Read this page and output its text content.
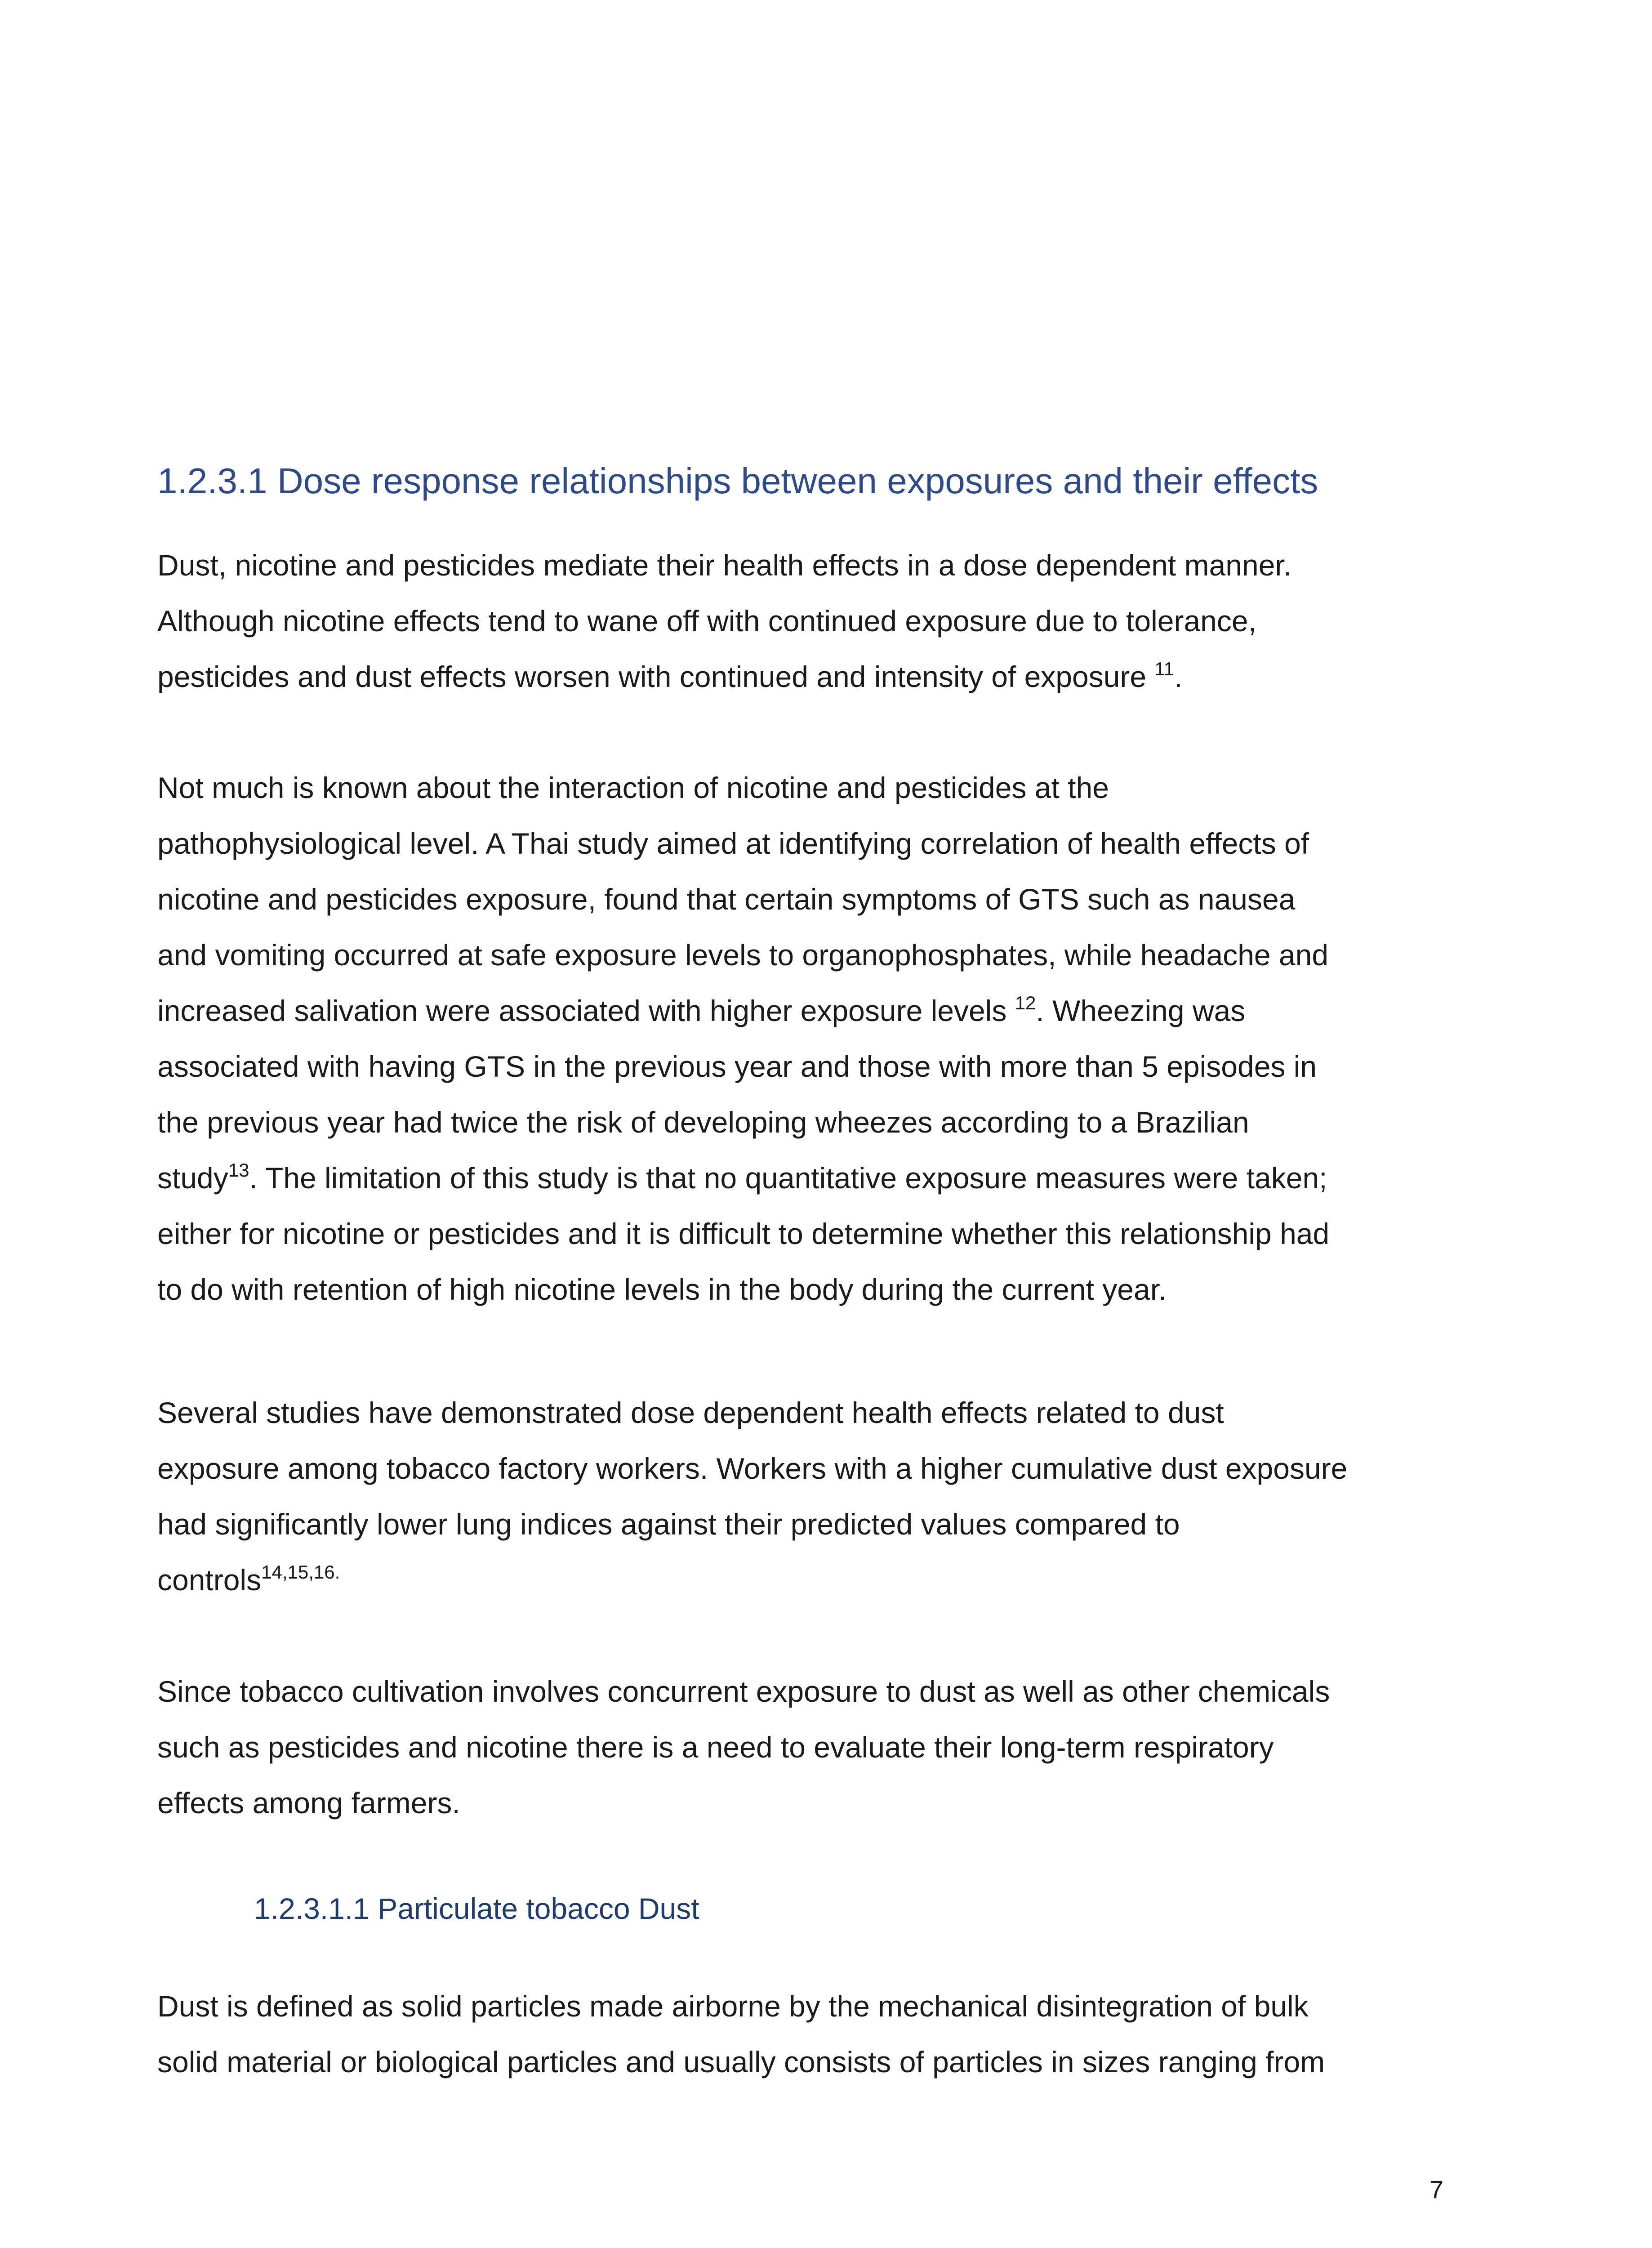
1.2.3.1 Dose response relationships between exposures and their effects

Dust, nicotine and pesticides mediate their health effects in a dose dependent manner.
Although nicotine effects tend to wane off with continued exposure due to tolerance,
pesticides and dust effects worsen with continued and intensity of exposure $^{11}$.

Not much is known about the interaction of nicotine and pesticides at the
pathophysiological level. A Thai study aimed at identifying correlation of health effects of
nicotine and pesticides exposure, found that certain symptoms of GTS such as nausea
and vomiting occurred at safe exposure levels to organophosphates, while headache and
increased salivation were associated with higher exposure levels $^{12}$. Wheezing was
associated with having GTS in the previous year and those with more than 5 episodes in
the previous year had twice the risk of developing wheezes according to a Brazilian
study$^{13}$. The limitation of this study is that no quantitative exposure measures were taken;
either for nicotine or pesticides and it is difficult to determine whether this relationship had
to do with retention of high nicotine levels in the body during the current year.

Several studies have demonstrated dose dependent health effects related to dust
exposure among tobacco factory workers. Workers with a higher cumulative dust exposure
had significantly lower lung indices against their predicted values compared to
controls$^{14,15,16.}$

Since tobacco cultivation involves concurrent exposure to dust as well as other chemicals
such as pesticides and nicotine there is a need to evaluate their long-term respiratory
effects among farmers.

1.2.3.1.1 Particulate tobacco Dust

Dust is defined as solid particles made airborne by the mechanical disintegration of bulk
solid material or biological particles and usually consists of particles in sizes ranging from

7
